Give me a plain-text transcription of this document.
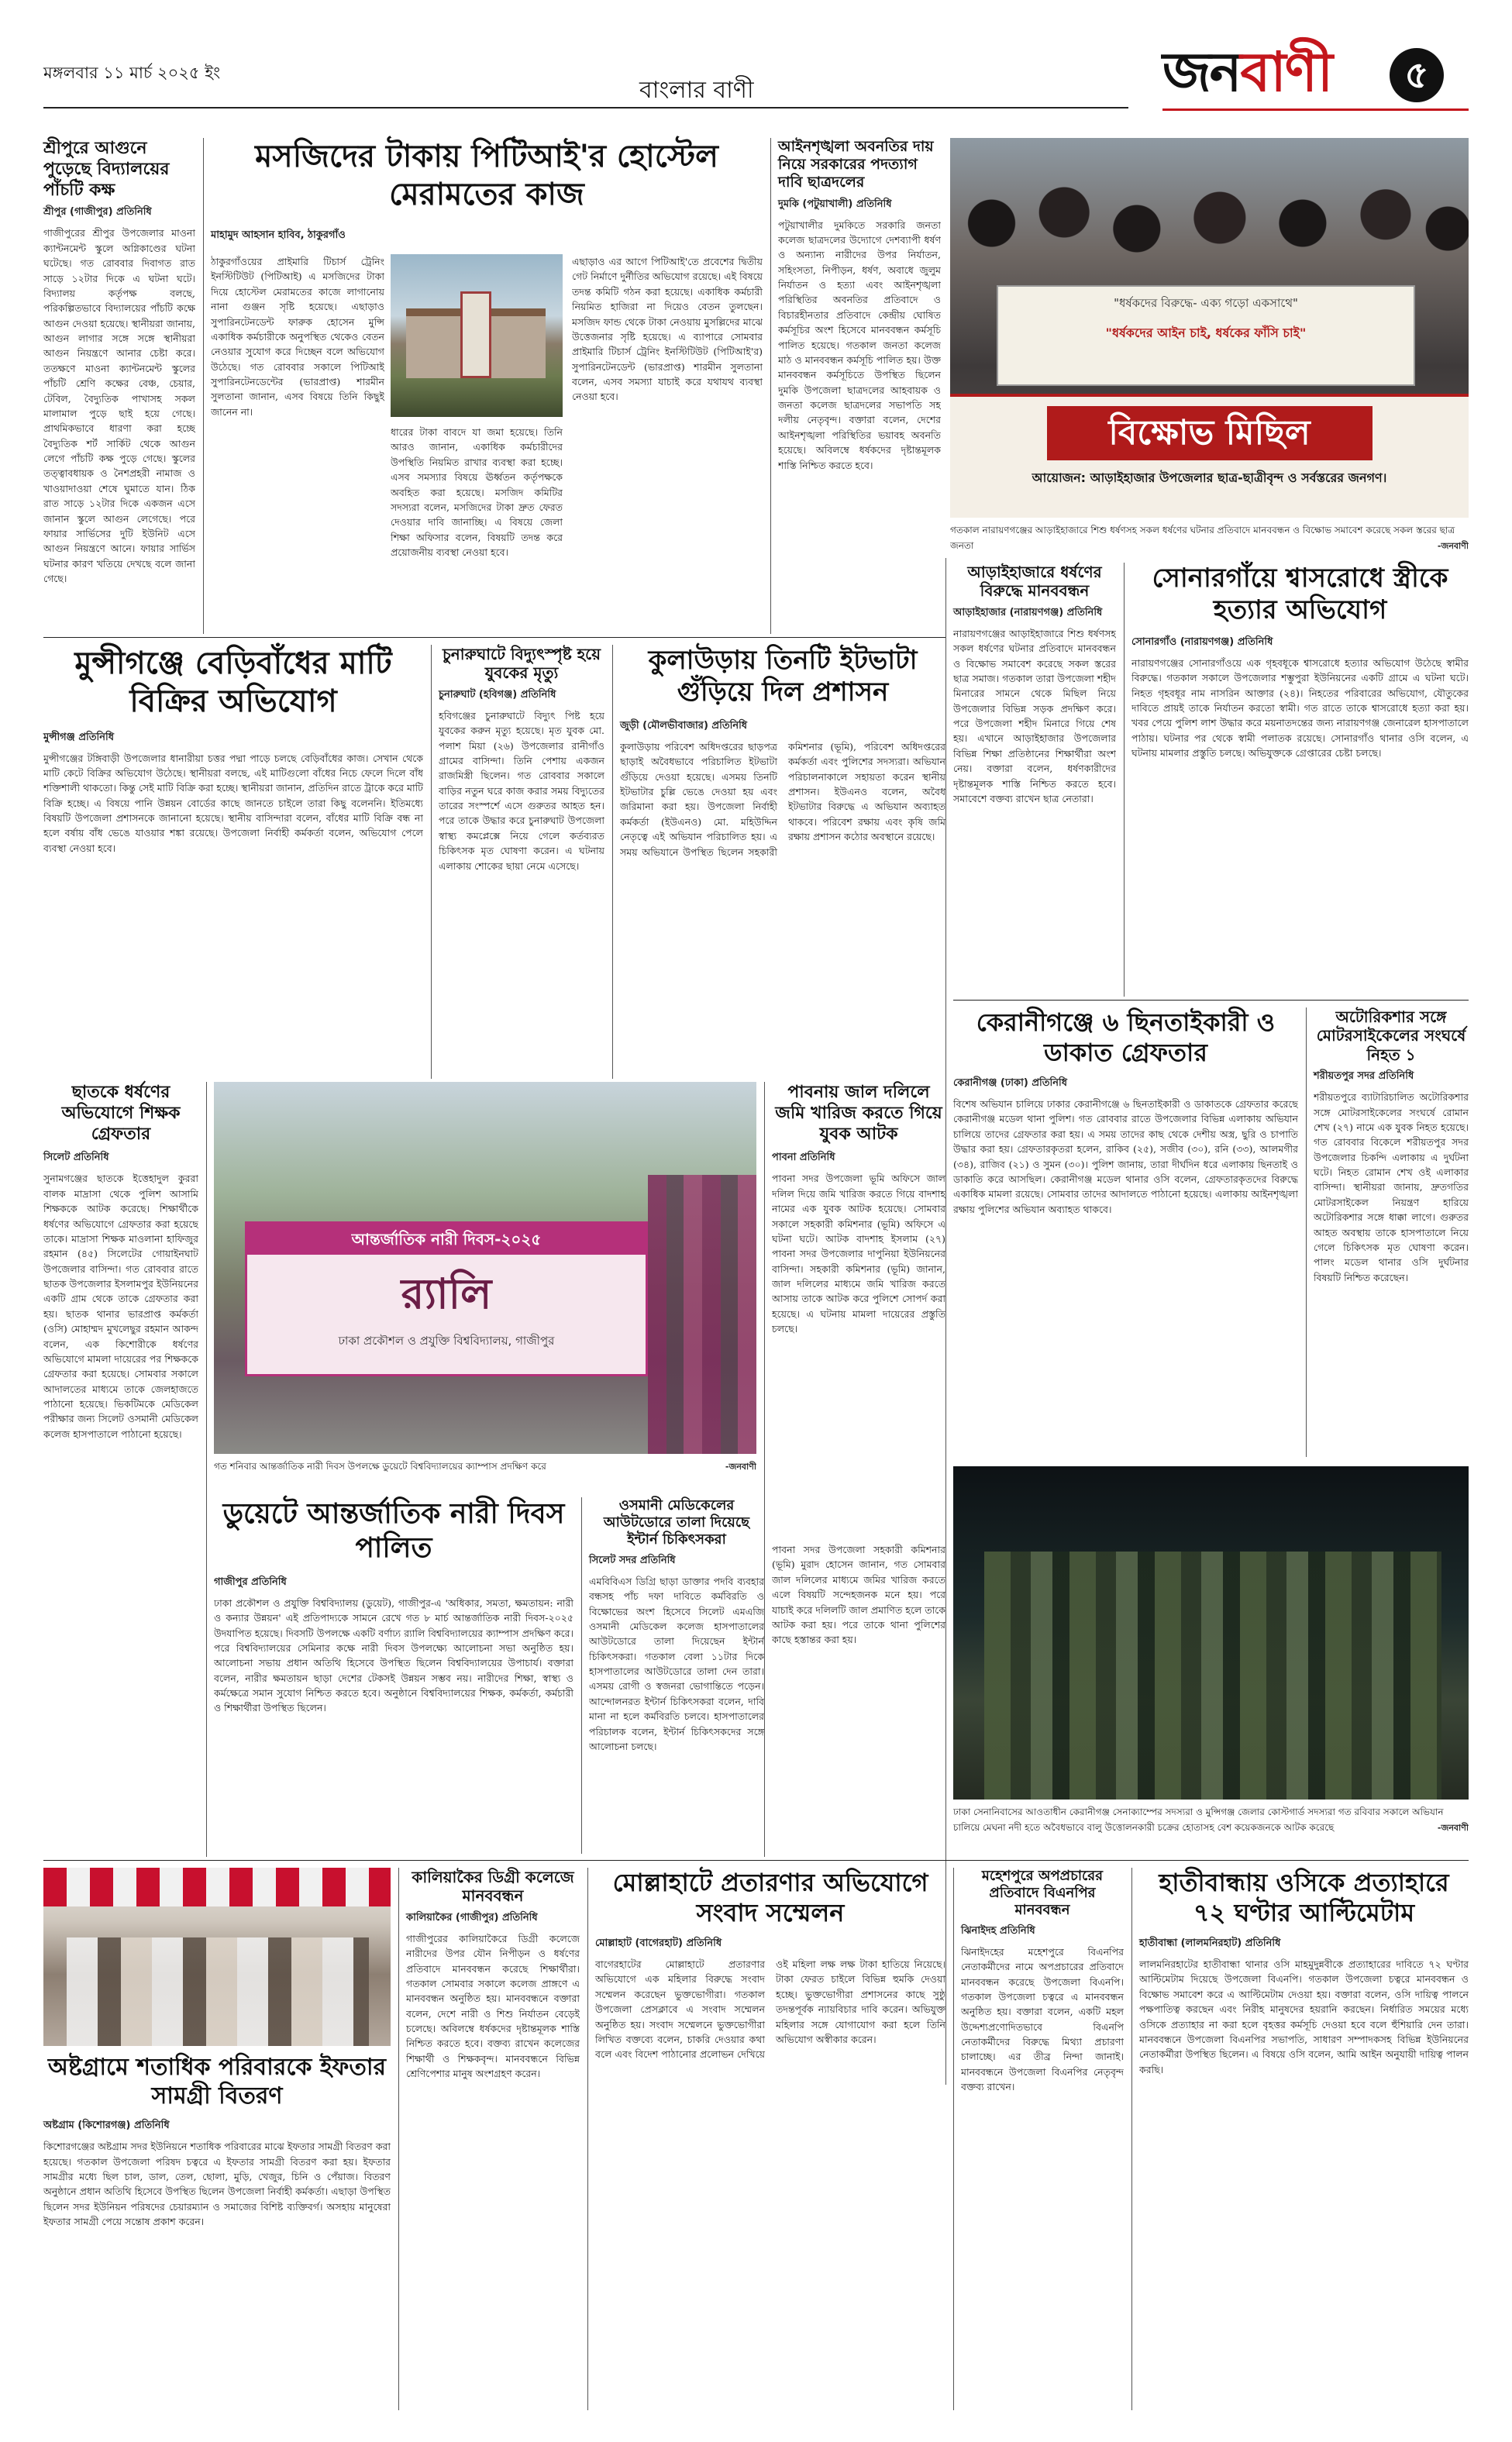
মঙ্গলবার ১১ মার্চ ২০২৫ ইং
বাংলার বাণী	জনবাণী	৫
শ্রীপুরে আগুনে পুড়েছে বিদ্যালয়ের পাঁচটি কক্ষ
শ্রীপুর (গাজীপুর) প্রতিনিধি
গাজীপুরের শ্রীপুর উপজেলার মাওনা ক্যান্টনমেন্ট স্কুলে অগ্নিকাণ্ডের ঘটনা ঘটেছে। গত রোববার দিবাগত রাত সাড়ে ১২টার দিকে এ ঘটনা ঘটে। বিদ্যালয় কর্তৃপক্ষ বলছে, পরিকল্পিতভাবে বিদ্যালয়ের পাঁচটি কক্ষে আগুন দেওয়া হয়েছে। স্থানীয়রা জানায়, আগুন লাগার সঙ্গে সঙ্গে স্থানীয়রা আগুন নিয়ন্ত্রণে আনার চেষ্টা করে। ততক্ষণে মাওনা ক্যান্টনমেন্ট স্কুলের পাঁচটি শ্রেণি কক্ষের বেঞ্চ, চেয়ার, টেবিল, বৈদ্যুতিক পাখাসহ সকল মালামাল পুড়ে ছাই হয়ে গেছে। প্রাথমিকভাবে ধারণা করা হচ্ছে বৈদ্যুতিক শর্ট সার্কিট থেকে আগুন লেগে পাঁচটি কক্ষ পুড়ে গেছে। স্কুলের তত্ত্বাবধায়ক ও নৈশপ্রহরী নামাজ ও খাওয়াদাওয়া শেষে ঘুমাতে যান। ঠিক রাত সাড়ে ১২টার দিকে একজন এসে জানান স্কুলে আগুন লেগেছে। পরে ফায়ার সার্ভিসের দুটি ইউনিট এসে আগুন নিয়ন্ত্রণে আনে। ফায়ার সার্ভিস ঘটনার কারণ খতিয়ে দেখছে বলে জানা গেছে।
মসজিদের টাকায় পিটিআই'র হোস্টেল মেরামতের কাজ
মাহামুদ আহসান হাবিব, ঠাকুরগাঁও
ঠাকুরগাঁওয়ের প্রাইমারি টিচার্স ট্রেনিং ইনস্টিটিউট (পিটিআই) এ মসজিদের টাকা দিয়ে হোস্টেল মেরামতের কাজে লাগানোয় নানা গুঞ্জন সৃষ্টি হয়েছে। এছাড়াও সুপারিনটেনডেন্ট ফারুক হোসেন মুন্সি একাধিক কর্মচারীকে অনুপস্থিত থেকেও বেতন নেওয়ার সুযোগ করে দিচ্ছেন বলে অভিযোগ উঠেছে। গত রোববার সকালে পিটিআই সুপারিনটেনডেন্টের (ভারপ্রাপ্ত) শারমীন সুলতানা জানান, এসব বিষয়ে তিনি কিছুই জানেন না।
এছাড়াও এর আগে পিটিআই'তে প্রবেশের দ্বিতীয় গেট নির্মাণে দুর্নীতির অভিযোগ রয়েছে। এই বিষয়ে তদন্ত কমিটি গঠন করা হয়েছে। একাধিক কর্মচারী নিয়মিত হাজিরা না দিয়েও বেতন তুলছেন। মসজিদ ফান্ড থেকে টাকা নেওয়ায় মুসল্লিদের মাঝে উত্তেজনার সৃষ্টি হয়েছে। এ ব্যাপারে সোমবার প্রাইমারি টিচার্স ট্রেনিং ইনস্টিটিউট (পিটিআই'র) সুপারিনটেনডেন্ট (ভারপ্রাপ্ত) শারমীন সুলতানা বলেন, এসব সমস্যা যাচাই করে যথাযথ ব্যবস্থা নেওয়া হবে।
ধারের টাকা বাবদে যা জমা হয়েছে। তিনি আরও জানান, একাধিক কর্মচারীদের উপস্থিতি নিয়মিত রাখার ব্যবস্থা করা হচ্ছে। এসব সমস্যার বিষয়ে ঊর্ধ্বতন কর্তৃপক্ষকে অবহিত করা হয়েছে। মসজিদ কমিটির সদস্যরা বলেন, মসজিদের টাকা দ্রুত ফেরত দেওয়ার দাবি জানাচ্ছি। এ বিষয়ে জেলা শিক্ষা অফিসার বলেন, বিষয়টি তদন্ত করে প্রয়োজনীয় ব্যবস্থা নেওয়া হবে।
আইনশৃঙ্খলা অবনতির দায় নিয়ে সরকারের পদত্যাগ দাবি ছাত্রদলের
দুমকি (পটুয়াখালী) প্রতিনিধি
পটুয়াখালীর দুমকিতে সরকারি জনতা কলেজ ছাত্রদলের উদ্যোগে দেশব্যাপী ধর্ষণ ও অন্যান্য নারীদের উপর নির্যাতন, সহিংসতা, নিপীড়ন, ধর্ষণ, অবাধে জুলুম নির্যাতন ও হত্যা এবং আইনশৃঙ্খলা পরিস্থিতির অবনতির প্রতিবাদে ও বিচারহীনতার প্রতিবাদে কেন্দ্রীয় ঘোষিত কর্মসূচির অংশ হিসেবে মানববন্ধন কর্মসূচি পালিত হয়েছে। গতকাল জনতা কলেজ মাঠ ও মানববন্ধন কর্মসূচি পালিত হয়। উক্ত মানববন্ধন কর্মসূচিতে উপস্থিত ছিলেন দুমকি উপজেলা ছাত্রদলের আহবায়ক ও জনতা কলেজ ছাত্রদলের সভাপতি সহ দলীয় নেতৃবৃন্দ। বক্তারা বলেন, দেশের আইনশৃঙ্খলা পরিস্থিতির ভয়াবহ অবনতি হয়েছে। অবিলম্বে ধর্ষকদের দৃষ্টান্তমূলক শাস্তি নিশ্চিত করতে হবে।
"ধর্ষকদের বিরুদ্ধে- এক্য গড়ো একসাথে"
"ধর্ষকদের আইন চাই, ধর্ষকের ফাঁসি চাই"
বিক্ষোভ মিছিল
আয়োজন: আড়াইহাজার উপজেলার ছাত্র-ছাত্রীবৃন্দ ও সর্বস্তরের জনগণ।
গতকাল নারায়ণগঞ্জের আড়াইহাজারে শিশু ধর্ষণসহ সকল ধর্ষণের ঘটনার প্রতিবাদে মানববন্ধন ও বিক্ষোভ সমাবেশ করেছে সকল স্তরের ছাত্র জনতা	-জনবাণী
মুন্সীগঞ্জে বেড়িবাঁধের মাটি বিক্রির অভিযোগ
মুন্সীগঞ্জ প্রতিনিধি
মুন্সীগঞ্জের টঙ্গিবাড়ী উপজেলার ধানারীয়া চত্তর পদ্মা পাড়ে চলছে বেড়িবাঁধের কাজ। সেখান থেকে মাটি কেটে বিক্রির অভিযোগ উঠেছে। স্থানীয়রা বলছে, এই মাটিগুলো বাঁধের নিচে ফেলে দিলে বাঁধ শক্তিশালী থাকতো। কিন্তু সেই মাটি বিক্রি করা হচ্ছে। স্থানীয়রা জানান, প্রতিদিন রাতে ট্রাকে করে মাটি বিক্রি হচ্ছে। এ বিষয়ে পানি উন্নয়ন বোর্ডের কাছে জানতে চাইলে তারা কিছু বলেননি। ইতিমধ্যে বিষয়টি উপজেলা প্রশাসনকে জানানো হয়েছে। স্থানীয় বাসিন্দারা বলেন, বাঁধের মাটি বিক্রি বন্ধ না হলে বর্ষায় বাঁধ ভেঙে যাওয়ার শঙ্কা রয়েছে। উপজেলা নির্বাহী কর্মকর্তা বলেন, অভিযোগ পেলে ব্যবস্থা নেওয়া হবে।
চুনারুঘাটে বিদ্যুৎস্পৃষ্ট হয়ে যুবকের মৃত্যু
চুনারুঘাট (হবিগঞ্জ) প্রতিনিধি
হবিগঞ্জের চুনারুঘাটে বিদ্যুৎ পিষ্ট হয়ে যুবকের করুন মৃত্যু হয়েছে। মৃত যুবক মো. পলাশ মিয়া (২৬) উপজেলার রানীগাঁও গ্রামের বাসিন্দা। তিনি পেশায় একজন রাজমিস্ত্রী ছিলেন। গত রোববার সকালে বাড়ির নতুন ঘরে কাজ করার সময় বিদ্যুতের তারের সংস্পর্শে এসে গুরুতর আহত হন। পরে তাকে উদ্ধার করে চুনারুঘাট উপজেলা স্বাস্থ্য কমপ্লেক্সে নিয়ে গেলে কর্তব্যরত চিকিৎসক মৃত ঘোষণা করেন। এ ঘটনায় এলাকায় শোকের ছায়া নেমে এসেছে।
কুলাউড়ায় তিনটি ইটভাটা গুঁড়িয়ে দিল প্রশাসন
জুড়ী (মৌলভীবাজার) প্রতিনিধি
কুলাউড়ায় পরিবেশ অধিদপ্তরের ছাড়পত্র ছাড়াই অবৈধভাবে পরিচালিত ইটভাটা গুঁড়িয়ে দেওয়া হয়েছে। এসময় তিনটি ইটভাটার চুল্লি ভেঙে দেওয়া হয় এবং জরিমানা করা হয়। উপজেলা নির্বাহী কর্মকর্তা (ইউএনও) মো. মহিউদ্দিন নেতৃত্বে এই অভিযান পরিচালিত হয়। এ সময় অভিযানে উপস্থিত ছিলেন সহকারী কমিশনার (ভূমি), পরিবেশ অধিদপ্তরের কর্মকর্তা এবং পুলিশের সদস্যরা। অভিযান পরিচালনাকালে সহায়তা করেন স্থানীয় প্রশাসন। ইউএনও বলেন, অবৈধ ইটভাটার বিরুদ্ধে এ অভিযান অব্যাহত থাকবে। পরিবেশ রক্ষায় এবং কৃষি জমি রক্ষায় প্রশাসন কঠোর অবস্থানে রয়েছে।
আড়াইহাজারে ধর্ষণের বিরুদ্ধে মানববন্ধন
আড়াইহাজার (নারায়ণগঞ্জ) প্রতিনিধি
নারায়ণগঞ্জের আড়াইহাজারে শিশু ধর্ষণসহ সকল ধর্ষণের ঘটনার প্রতিবাদে মানববন্ধন ও বিক্ষোভ সমাবেশ করেছে সকল স্তরের ছাত্র সমাজ। গতকাল তারা উপজেলা শহীদ মিনারের সামনে থেকে মিছিল নিয়ে উপজেলার বিভিন্ন সড়ক প্রদক্ষিণ করে। পরে উপজেলা শহীদ মিনারে গিয়ে শেষ হয়। এখানে আড়াইহাজার উপজেলার বিভিন্ন শিক্ষা প্রতিষ্ঠানের শিক্ষার্থীরা অংশ নেয়। বক্তারা বলেন, ধর্ষণকারীদের দৃষ্টান্তমূলক শাস্তি নিশ্চিত করতে হবে। সমাবেশে বক্তব্য রাখেন ছাত্র নেতারা।
সোনারগাঁয়ে শ্বাসরোধে স্ত্রীকে হত্যার অভিযোগ
সোনারগাঁও (নারায়ণগঞ্জ) প্রতিনিধি
নারায়ণগঞ্জের সোনারগাঁওয়ে এক গৃহবধূকে শ্বাসরোধে হত্যার অভিযোগ উঠেছে স্বামীর বিরুদ্ধে। গতকাল সকালে উপজেলার শম্ভুপুরা ইউনিয়নের একটি গ্রামে এ ঘটনা ঘটে। নিহত গৃহবধূর নাম নাসরিন আক্তার (২৪)। নিহতের পরিবারের অভিযোগ, যৌতুকের দাবিতে প্রায়ই তাকে নির্যাতন করতো স্বামী। গত রাতে তাকে শ্বাসরোধে হত্যা করা হয়। খবর পেয়ে পুলিশ লাশ উদ্ধার করে ময়নাতদন্তের জন্য নারায়ণগঞ্জ জেনারেল হাসপাতালে পাঠায়। ঘটনার পর থেকে স্বামী পলাতক রয়েছে। সোনারগাঁও থানার ওসি বলেন, এ ঘটনায় মামলার প্রস্তুতি চলছে। অভিযুক্তকে গ্রেপ্তারের চেষ্টা চলছে।
ছাতকে ধর্ষণের অভিযোগে শিক্ষক গ্রেফতার
সিলেট প্রতিনিধি
সুনামগঞ্জের ছাতকে ইত্তেহাদুল কুররা বালক মাদ্রাসা থেকে পুলিশ আসামি শিক্ষককে আটক করেছে। শিক্ষার্থীকে ধর্ষণের অভিযোগে গ্রেফতার করা হয়েছে তাকে। মাদ্রাসা শিক্ষক মাওলানা হাফিজুর রহমান (৪৫) সিলেটের গোয়াইনঘাট উপজেলার বাসিন্দা। গত রোববার রাতে ছাতক উপজেলার ইসলামপুর ইউনিয়নের একটি গ্রাম থেকে তাকে গ্রেফতার করা হয়। ছাতক থানার ভারপ্রাপ্ত কর্মকর্তা (ওসি) মোহাম্মদ মুখলেছুর রহমান আকন্দ বলেন, এক কিশোরীকে ধর্ষণের অভিযোগে মামলা দায়েরের পর শিক্ষককে গ্রেফতার করা হয়েছে। সোমবার সকালে আদালতের মাধ্যমে তাকে জেলহাজতে পাঠানো হয়েছে। ভিকটিমকে মেডিকেল পরীক্ষার জন্য সিলেট ওসমানী মেডিকেল কলেজ হাসপাতালে পাঠানো হয়েছে।
আন্তর্জাতিক নারী দিবস-২০২৫
র‍্যালি
ঢাকা প্রকৌশল ও প্রযুক্তি বিশ্ববিদ্যালয়, গাজীপুর
গত শনিবার আন্তর্জাতিক নারী দিবস উপলক্ষে ডুয়েটে বিশ্ববিদ্যালয়ের ক্যাম্পাস প্রদক্ষিণ করে	-জনবাণী
পাবনায় জাল দলিলে জমি খারিজ করতে গিয়ে যুবক আটক
পাবনা প্রতিনিধি
পাবনা সদর উপজেলা ভূমি অফিসে জাল দলিল দিয়ে জমি খারিজ করতে গিয়ে বাদশাহ নামের এক যুবক আটক হয়েছে। সোমবার সকালে সহকারী কমিশনার (ভূমি) অফিসে এ ঘটনা ঘটে। আটক বাদশাহ ইসলাম (২৭) পাবনা সদর উপজেলার দাপুনিয়া ইউনিয়নের বাসিন্দা। সহকারী কমিশনার (ভূমি) জানান, জাল দলিলের মাধ্যমে জমি খারিজ করতে আসায় তাকে আটক করে পুলিশে সোপর্দ করা হয়েছে। এ ঘটনায় মামলা দায়েরের প্রস্তুতি চলছে।
কেরানীগঞ্জে ৬ ছিনতাইকারী ও ডাকাত গ্রেফতার
কেরানীগঞ্জ (ঢাকা) প্রতিনিধি
বিশেষ অভিযান চালিয়ে ঢাকার কেরানীগঞ্জে ৬ ছিনতাইকারী ও ডাকাতকে গ্রেফতার করেছে কেরানীগঞ্জ মডেল থানা পুলিশ। গত রোববার রাতে উপজেলার বিভিন্ন এলাকায় অভিযান চালিয়ে তাদের গ্রেফতার করা হয়। এ সময় তাদের কাছ থেকে দেশীয় অস্ত্র, ছুরি ও চাপাতি উদ্ধার করা হয়। গ্রেফতারকৃতরা হলেন, রাকিব (২৫), সজীব (৩০), রনি (৩৩), আলমগীর (৩৪), রাজিব (২১) ও সুমন (৩০)। পুলিশ জানায়, তারা দীর্ঘদিন ধরে এলাকায় ছিনতাই ও ডাকাতি করে আসছিল। কেরানীগঞ্জ মডেল থানার ওসি বলেন, গ্রেফতারকৃতদের বিরুদ্ধে একাধিক মামলা রয়েছে। সোমবার তাদের আদালতে পাঠানো হয়েছে। এলাকায় আইনশৃঙ্খলা রক্ষায় পুলিশের অভিযান অব্যাহত থাকবে।
অটোরিকশার সঙ্গে মোটরসাইকেলের সংঘর্ষে নিহত ১
শরীয়তপুর সদর প্রতিনিধি
শরীয়তপুরে ব্যাটারিচালিত অটোরিকশার সঙ্গে মোটরসাইকেলের সংঘর্ষে রোমান শেখ (২৭) নামে এক যুবক নিহত হয়েছে। গত রোববার বিকেলে শরীয়তপুর সদর উপজেলার চিকন্দি এলাকায় এ দুর্ঘটনা ঘটে। নিহত রোমান শেখ ওই এলাকার বাসিন্দা। স্থানীয়রা জানায়, দ্রুতগতির মোটরসাইকেল নিয়ন্ত্রণ হারিয়ে অটোরিকশার সঙ্গে ধাক্কা লাগে। গুরুতর আহত অবস্থায় তাকে হাসপাতালে নিয়ে গেলে চিকিৎসক মৃত ঘোষণা করেন। পালং মডেল থানার ওসি দুর্ঘটনার বিষয়টি নিশ্চিত করেছেন।
ডুয়েটে আন্তর্জাতিক নারী দিবস পালিত
গাজীপুর প্রতিনিধি
ঢাকা প্রকৌশল ও প্রযুক্তি বিশ্ববিদ্যালয় (ডুয়েট), গাজীপুর-এ 'অধিকার, সমতা, ক্ষমতায়ন: নারী ও কন্যার উন্নয়ন' এই প্রতিপাদ্যকে সামনে রেখে গত ৮ মার্চ আন্তর্জাতিক নারী দিবস-২০২৫ উদযাপিত হয়েছে। দিবসটি উপলক্ষে একটি বর্ণাঢ্য র‍্যালি বিশ্ববিদ্যালয়ের ক্যাম্পাস প্রদক্ষিণ করে। পরে বিশ্ববিদ্যালয়ের সেমিনার কক্ষে নারী দিবস উপলক্ষ্যে আলোচনা সভা অনুষ্ঠিত হয়। আলোচনা সভায় প্রধান অতিথি হিসেবে উপস্থিত ছিলেন বিশ্ববিদ্যালয়ের উপাচার্য। বক্তারা বলেন, নারীর ক্ষমতায়ন ছাড়া দেশের টেকসই উন্নয়ন সম্ভব নয়। নারীদের শিক্ষা, স্বাস্থ্য ও কর্মক্ষেত্রে সমান সুযোগ নিশ্চিত করতে হবে। অনুষ্ঠানে বিশ্ববিদ্যালয়ের শিক্ষক, কর্মকর্তা, কর্মচারী ও শিক্ষার্থীরা উপস্থিত ছিলেন।
ওসমানী মেডিকেলের আউটডোরে তালা দিয়েছে ইন্টার্ন চিকিৎসকরা
সিলেট সদর প্রতিনিধি
এমবিবিএস ডিগ্রি ছাড়া ডাক্তার পদবি ব্যবহার বন্ধসহ পাঁচ দফা দাবিতে কর্মবিরতি ও বিক্ষোভের অংশ হিসেবে সিলেট এমএজি ওসমানী মেডিকেল কলেজ হাসপাতালের আউটডোরে তালা দিয়েছেন ইন্টার্ন চিকিৎসকরা। গতকাল বেলা ১১টার দিকে হাসপাতালের আউটডোরে তালা দেন তারা। এসময় রোগী ও স্বজনরা ভোগান্তিতে পড়েন। আন্দোলনরত ইন্টার্ন চিকিৎসকরা বলেন, দাবি মানা না হলে কর্মবিরতি চলবে। হাসপাতালের পরিচালক বলেন, ইন্টার্ন চিকিৎসকদের সঙ্গে আলোচনা চলছে।
পাবনা সদর উপজেলা সহকারী কমিশনার (ভূমি) মুরাদ হোসেন জানান, গত সোমবার জাল দলিলের মাধ্যমে জমির খারিজ করতে এলে বিষয়টি সন্দেহজনক মনে হয়। পরে যাচাই করে দলিলটি জাল প্রমাণিত হলে তাকে আটক করা হয়। পরে তাকে থানা পুলিশের কাছে হস্তান্তর করা হয়।
ঢাকা সেনানিবাসের আওতাধীন কেরানীগঞ্জ সেনাক্যাম্পের সদস্যরা ও মুন্সিগঞ্জ জেলার কোস্টগার্ড সদস্যরা গত রবিবার সকালে অভিযান চালিয়ে মেঘনা নদী হতে অবৈধভাবে বালু উত্তোলনকারী চক্রের হোতাসহ বেশ কয়েকজনকে আটক করেছে	-জনবাণী
কালিয়াকৈর ডিগ্রী কলেজে মানববন্ধন
কালিয়াকৈর (গাজীপুর) প্রতিনিধি
গাজীপুরের কালিয়াকৈরে ডিগ্রী কলেজে নারীদের উপর যৌন নিপীড়ন ও ধর্ষণের প্রতিবাদে মানববন্ধন করেছে শিক্ষার্থীরা। গতকাল সোমবার সকালে কলেজ প্রাঙ্গণে এ মানববন্ধন অনুষ্ঠিত হয়। মানববন্ধনে বক্তারা বলেন, দেশে নারী ও শিশু নির্যাতন বেড়েই চলেছে। অবিলম্বে ধর্ষকদের দৃষ্টান্তমূলক শাস্তি নিশ্চিত করতে হবে। বক্তব্য রাখেন কলেজের শিক্ষার্থী ও শিক্ষকবৃন্দ। মানববন্ধনে বিভিন্ন শ্রেণিপেশার মানুষ অংশগ্রহণ করেন।
মোল্লাহাটে প্রতারণার অভিযোগে সংবাদ সম্মেলন
মোল্লাহাট (বাগেরহাট) প্রতিনিধি
বাগেরহাটের মোল্লাহাটে প্রতারণার অভিযোগে এক মহিলার বিরুদ্ধে সংবাদ সম্মেলন করেছেন ভুক্তভোগীরা। গতকাল উপজেলা প্রেসক্লাবে এ সংবাদ সম্মেলন অনুষ্ঠিত হয়। সংবাদ সম্মেলনে ভুক্তভোগীরা লিখিত বক্তব্যে বলেন, চাকরি দেওয়ার কথা বলে এবং বিদেশ পাঠানোর প্রলোভন দেখিয়ে ওই মহিলা লক্ষ লক্ষ টাকা হাতিয়ে নিয়েছে। টাকা ফেরত চাইলে বিভিন্ন হুমকি দেওয়া হচ্ছে। ভুক্তভোগীরা প্রশাসনের কাছে সুষ্ঠু তদন্তপূর্বক ন্যায়বিচার দাবি করেন। অভিযুক্ত মহিলার সঙ্গে যোগাযোগ করা হলে তিনি অভিযোগ অস্বীকার করেন।
মহেশপুরে অপপ্রচারের প্রতিবাদে বিএনপির মানববন্ধন
ঝিনাইদহ প্রতিনিধি
ঝিনাইদহের মহেশপুরে বিএনপির নেতাকর্মীদের নামে অপপ্রচারের প্রতিবাদে মানববন্ধন করেছে উপজেলা বিএনপি। গতকাল উপজেলা চত্বরে এ মানববন্ধন অনুষ্ঠিত হয়। বক্তারা বলেন, একটি মহল উদ্দেশ্যপ্রণোদিতভাবে বিএনপি নেতাকর্মীদের বিরুদ্ধে মিথ্যা প্রচারণা চালাচ্ছে। এর তীব্র নিন্দা জানাই। মানববন্ধনে উপজেলা বিএনপির নেতৃবৃন্দ বক্তব্য রাখেন।
হাতীবান্ধায় ওসিকে প্রত্যাহারে ৭২ ঘণ্টার আল্টিমেটাম
হাতীবান্ধা (লালমনিরহাট) প্রতিনিধি
লালমনিরহাটের হাতীবান্ধা থানার ওসি মাহমুদুন্নবীকে প্রত্যাহারের দাবিতে ৭২ ঘণ্টার আল্টিমেটাম দিয়েছে উপজেলা বিএনপি। গতকাল উপজেলা চত্বরে মানববন্ধন ও বিক্ষোভ সমাবেশ করে এ আল্টিমেটাম দেওয়া হয়। বক্তারা বলেন, ওসি দায়িত্ব পালনে পক্ষপাতিত্ব করছেন এবং নিরীহ মানুষদের হয়রানি করছেন। নির্ধারিত সময়ের মধ্যে ওসিকে প্রত্যাহার না করা হলে বৃহত্তর কর্মসূচি দেওয়া হবে বলে হুঁশিয়ারি দেন তারা। মানববন্ধনে উপজেলা বিএনপির সভাপতি, সাধারণ সম্পাদকসহ বিভিন্ন ইউনিয়নের নেতাকর্মীরা উপস্থিত ছিলেন। এ বিষয়ে ওসি বলেন, আমি আইন অনুযায়ী দায়িত্ব পালন করছি।
অষ্টগ্রামে শতাধিক পরিবারকে ইফতার সামগ্রী বিতরণ
অষ্টগ্রাম (কিশোরগঞ্জ) প্রতিনিধি
কিশোরগঞ্জের অষ্টগ্রাম সদর ইউনিয়নে শতাধিক পরিবারের মাঝে ইফতার সামগ্রী বিতরণ করা হয়েছে। গতকাল উপজেলা পরিষদ চত্বরে এ ইফতার সামগ্রী বিতরণ করা হয়। ইফতার সামগ্রীর মধ্যে ছিল চাল, ডাল, তেল, ছোলা, মুড়ি, খেজুর, চিনি ও পেঁয়াজ। বিতরণ অনুষ্ঠানে প্রধান অতিথি হিসেবে উপস্থিত ছিলেন উপজেলা নির্বাহী কর্মকর্তা। এছাড়া উপস্থিত ছিলেন সদর ইউনিয়ন পরিষদের চেয়ারম্যান ও সমাজের বিশিষ্ট ব্যক্তিবর্গ। অসহায় মানুষেরা ইফতার সামগ্রী পেয়ে সন্তোষ প্রকাশ করেন।
